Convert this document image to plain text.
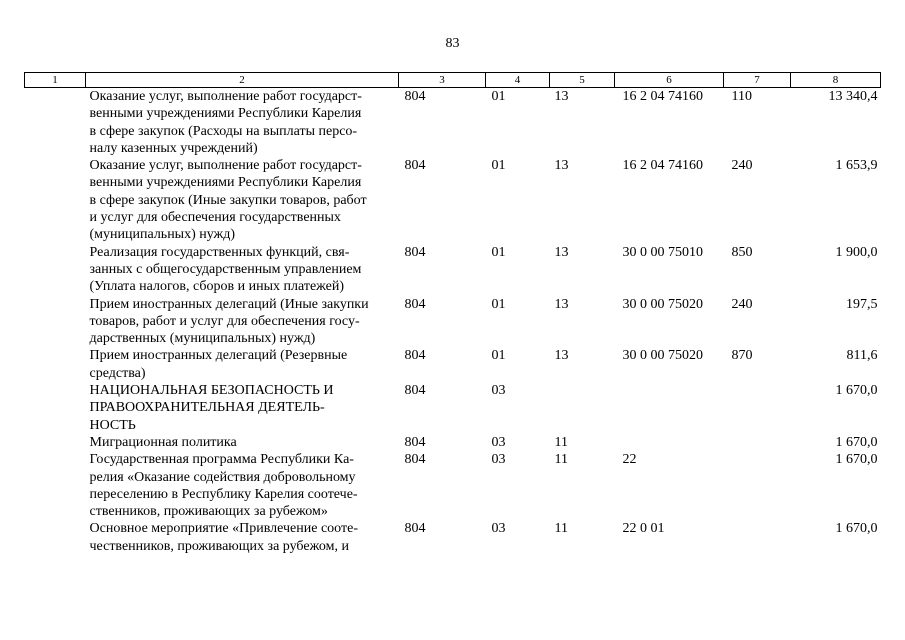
83
1	2	3	4	5	6	7	8

	Оказание услуг, выполнение работ государст-
венными учреждениями Республики Карелия
в сфере закупок (Расходы на выплаты персо-
налу казенных учреждений)	804	01	13	16 2 04 74160	110	13 340,4

	Оказание услуг, выполнение работ государст-
венными учреждениями Республики Карелия
в сфере закупок (Иные закупки товаров, работ
и услуг для обеспечения государственных
(муниципальных) нужд)	804	01	13	16 2 04 74160	240	1 653,9

	Реализация государственных функций, свя-
занных с общегосударственным управлением
(Уплата налогов, сборов и иных платежей)	804	01	13	30 0 00 75010	850	1 900,0

	Прием иностранных делегаций (Иные закупки
товаров, работ и услуг для обеспечения госу-
дарственных (муниципальных) нужд)	804	01	13	30 0 00 75020	240	197,5

	Прием иностранных делегаций (Резервные
средства)	804	01	13	30 0 00 75020	870	811,6

	НАЦИОНАЛЬНАЯ БЕЗОПАСНОСТЬ И
ПРАВООХРАНИТЕЛЬНАЯ ДЕЯТЕЛЬ-
НОСТЬ	804	03				1 670,0

	Миграционная политика	804	03	11			1 670,0

	Государственная программа Республики Ка-
релия «Оказание содействия добровольному
переселению в Республику Карелия соотече-
ственников, проживающих за рубежом»	804	03	11	22		1 670,0

	Основное мероприятие «Привлечение сооте-
чественников, проживающих за рубежом, и	804	03	11	22 0 01		1 670,0
